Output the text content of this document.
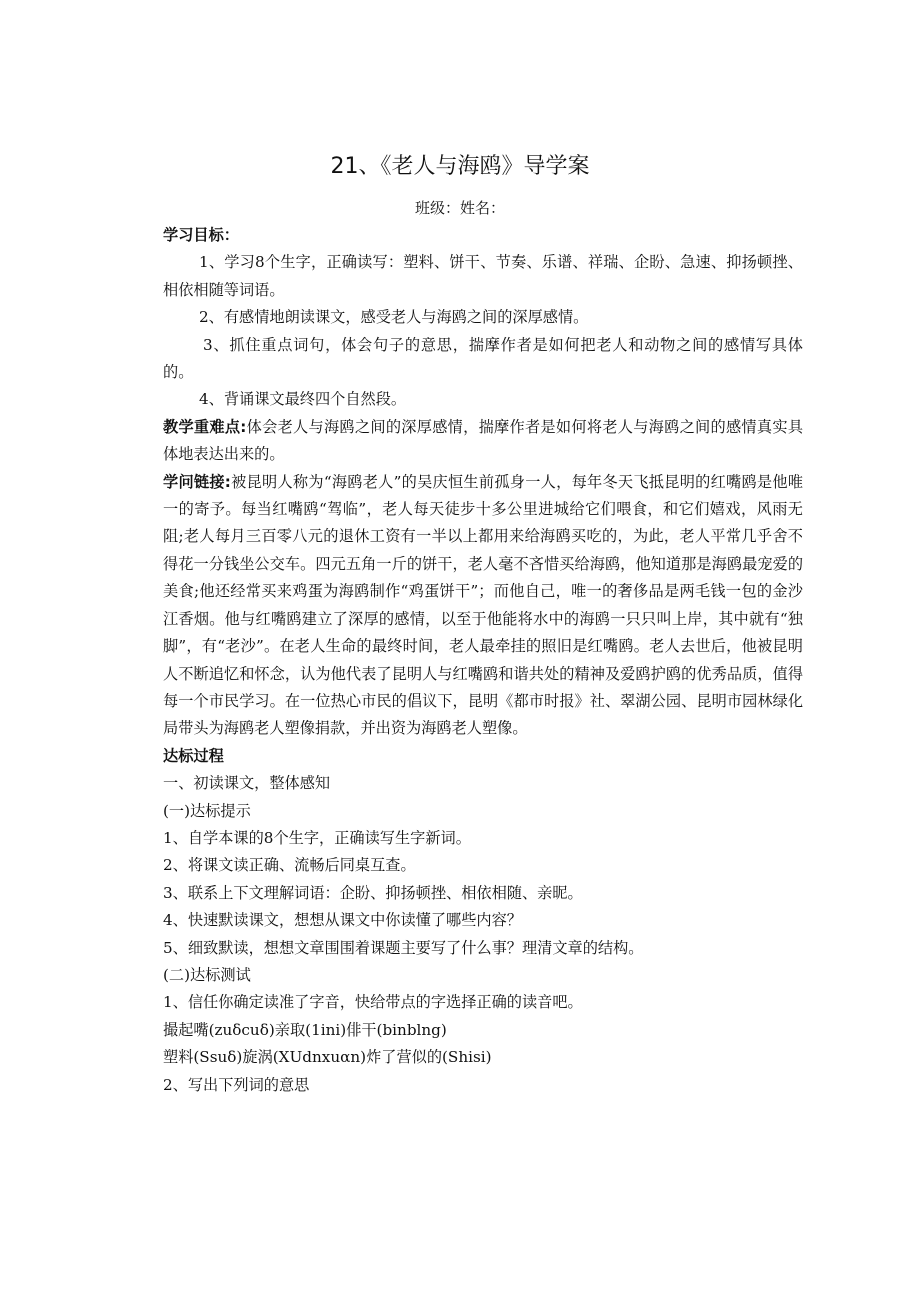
21、《老人与海鸥》导学案
班级：姓名：

学习目标：

1、学习8个生字，正确读写：塑料、饼干、节奏、乐谱、祥瑞、企盼、急速、抑扬顿挫、相依相随等词语。

2、有感情地朗读课文，感受老人与海鸥之间的深厚感情。

3、抓住重点词句，体会句子的意思，揣摩作者是如何把老人和动物之间的感情写具体的。

4、背诵课文最终四个自然段。

教学重难点:体会老人与海鸥之间的深厚感情，揣摩作者是如何将老人与海鸥之间的感情真实具体地表达出来的。

学问链接:被昆明人称为“海鸥老人”的吴庆恒生前孤身一人，每年冬天飞抵昆明的红嘴鸥是他唯一的寄予。每当红嘴鸥“驾临”，老人每天徒步十多公里进城给它们喂食，和它们嬉戏，风雨无阻;老人每月三百零八元的退休工资有一半以上都用来给海鸥买吃的，为此，老人平常几乎舍不得花一分钱坐公交车。四元五角一斤的饼干，老人毫不吝惜买给海鸥，他知道那是海鸥最宠爱的美食;他还经常买来鸡蛋为海鸥制作“鸡蛋饼干”；而他自己，唯一的奢侈品是两毛钱一包的金沙江香烟。他与红嘴鸥建立了深厚的感情，以至于他能将水中的海鸥一只只叫上岸，其中就有“独脚”，有“老沙”。在老人生命的最终时间，老人最牵挂的照旧是红嘴鸥。老人去世后，他被昆明人不断追忆和怀念，认为他代表了昆明人与红嘴鸥和谐共处的精神及爱鸥护鸥的优秀品质，值得每一个市民学习。在一位热心市民的倡议下，昆明《都市时报》社、翠湖公园、昆明市园林绿化局带头为海鸥老人塑像捐款，并出资为海鸥老人塑像。

达标过程

一、初读课文，整体感知

(一)达标提示

1、自学本课的8个生字，正确读写生字新词。

2、将课文读正确、流畅后同桌互查。

3、联系上下文理解词语：企盼、抑扬顿挫、相依相随、亲昵。

4、快速默读课文，想想从课文中你读懂了哪些内容？

5、细致默读，想想文章围围着课题主要写了什么事？理清文章的结构。

(二)达标测试

1、信任你确定读准了字音，快给带点的字选择正确的读音吧。

撮起嘴(zuδcuδ)亲取(1ini)俳干(binblng)

塑料(Ssuδ)旋涡(XUdnxuαn)炸了营似的(Shisi)

2、写出下列词的意思
